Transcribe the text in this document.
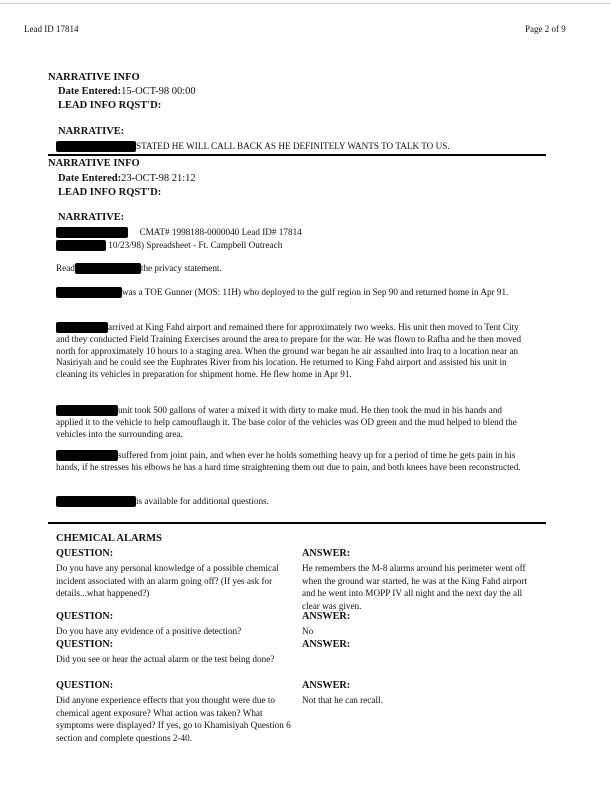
Lead ID 17814	Page 2 of 9
NARRATIVE INFO
Date Entered:15-OCT-98 00:00
LEAD INFO RQST'D:
NARRATIVE:
STATED HE WILL CALL BACK AS HE DEFINITELY WANTS TO TALK TO US.
NARRATIVE INFO
Date Entered:23-OCT-98 21:12
LEAD INFO RQST'D:
NARRATIVE:
CMAT# 1998188-0000040 Lead ID# 17814
10/23/98) Spreadsheet - Ft. Campbell Outreach
Read	the privacy statement.
was a TOE Gunner (MOS: 11H) who deployed to the gulf region in Sep 90 and returned home in Apr 91.
arrived at King Fahd airport and remained there for approximately two weeks. His unit then moved to Tent City and they conducted Field Training Exercises around the area to prepare for the war. He was flown to Rafha and he then moved north for approximately 10 hours to a staging area. When the ground war began he air assaulted into Iraq to a location near an Nasiriyah and he could see the Euphrates River from his location. He returned to King Fahd airport and assisted his unit in cleaning its vehicles in preparation for shipment home. He flew home in Apr 91.
unit took 500 gallons of water a mixed it with dirty to make mud. He then took the mud in his hands and applied it to the vehicle to help camouflaugh it. The base color of the vehicles was OD green and the mud helped to blend the vehicles into the surrounding area.
suffered from joint pain, and when ever he holds something heavy up for a period of time he gets pain in his hands, if he stresses his elbows he has a hard time straightening them out due to pain, and both knees have been reconstructed.
is available for additional questions.
CHEMICAL ALARMS
QUESTION:
Do you have any personal knowledge of a possible chemical incident associated with an alarm going off? (If yes ask for details...what happened?)
ANSWER:
He remembers the M-8 alarms around his perimeter went off when the ground war started, he was at the King Fahd airport and he went into MOPP IV all night and the next day the all clear was given.
QUESTION:
Do you have any evidence of a positive detection?
ANSWER:
No
QUESTION:
Did you see or hear the actual alarm or the test being done?
ANSWER:
QUESTION:
Did anyone experience effects that you thought were due to chemical agent exposure? What action was taken? What symptoms were displayed? If yes, go to Khamisiyah Question 6 section and complete questions 2-40.
ANSWER:
Not that he can recall.
